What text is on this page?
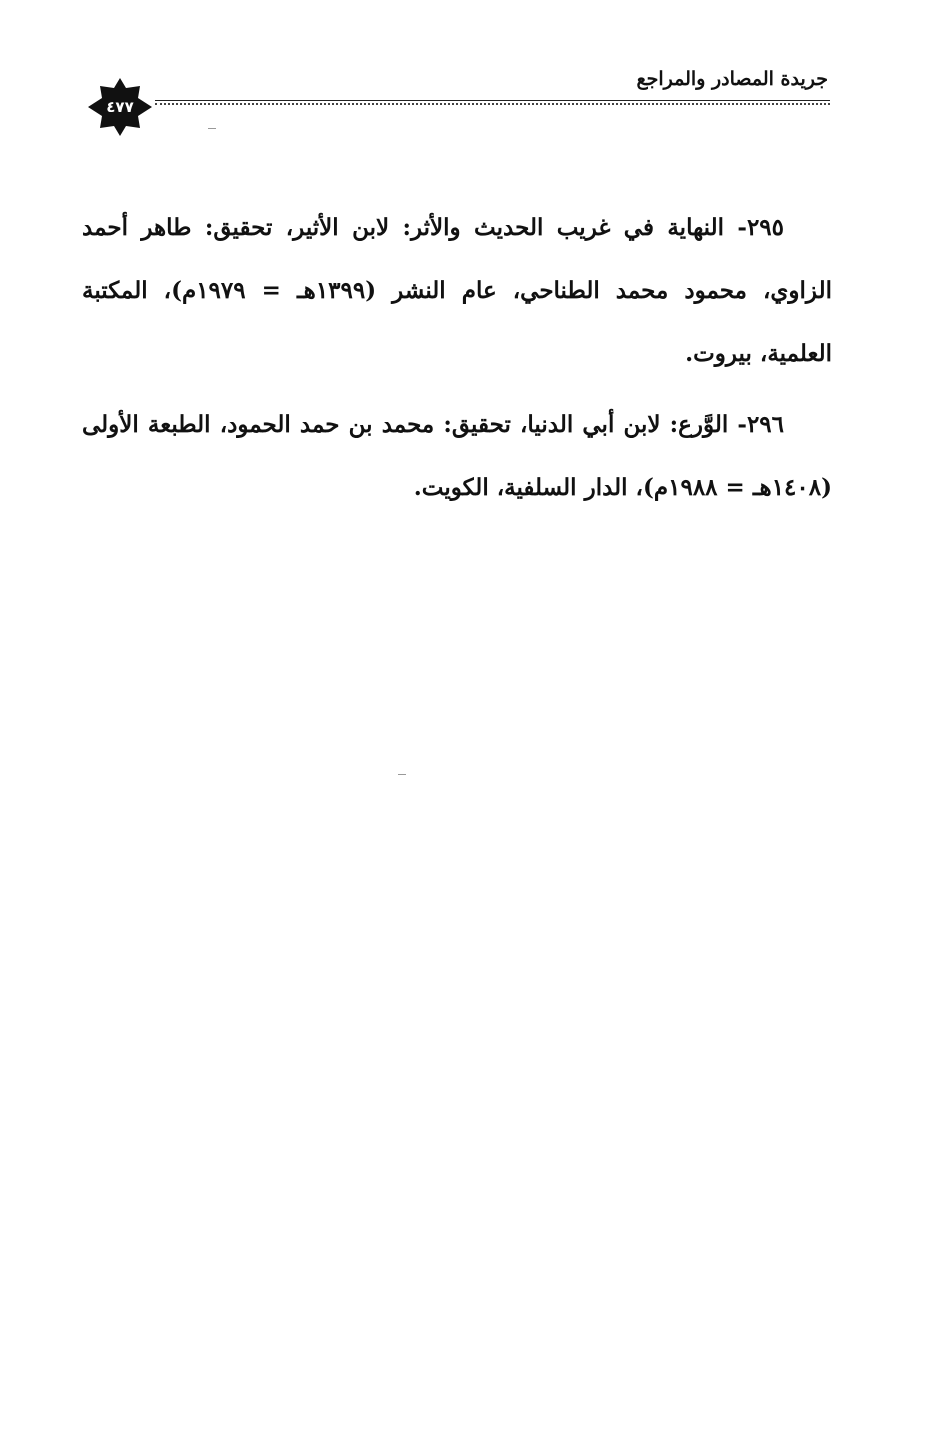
جريدة المصادر والمراجع
٤٧٧

٢٩٥- النهاية في غريب الحديث والأثر: لابن الأثير، تحقيق: طاهر أحمد الزاوي، محمود محمد الطناحي، عام النشر (١٣٩٩هـ = ١٩٧٩م)، المكتبة العلمية، بيروت.

٢٩٦- الوَّرع: لابن أبي الدنيا، تحقيق: محمد بن حمد الحمود، الطبعة الأولى (١٤٠٨هـ = ١٩٨٨م)، الدار السلفية، الكويت.
